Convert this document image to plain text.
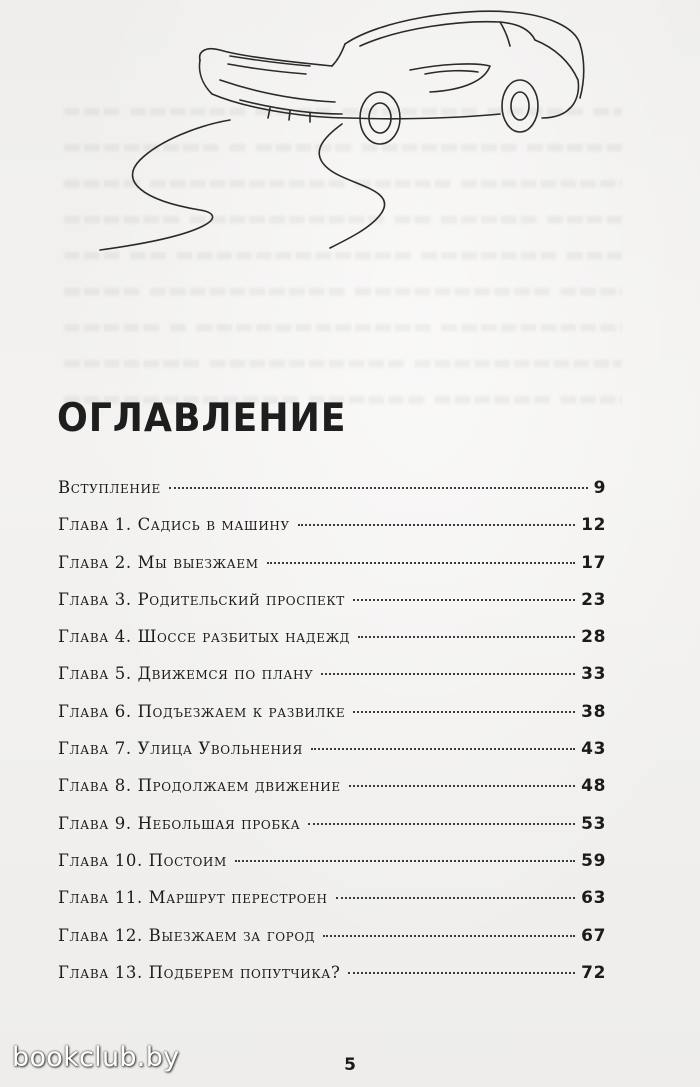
ОГЛАВЛЕНИЕ
Вступление	9
Глава 1. Садись в машину	12
Глава 2. Мы выезжаем	17
Глава 3. Родительский проспект	23
Глава 4. Шоссе разбитых надежд	28
Глава 5. Движемся по плану	33
Глава 6. Подъезжаем к развилке	38
Глава 7. Улица Увольнения	43
Глава 8. Продолжаем движение	48
Глава 9. Небольшая пробка	53
Глава 10. Постоим	59
Глава 11. Маршрут перестроен	63
Глава 12. Выезжаем за город	67
Глава 13. Подберем попутчика?	72
5
bookclub.by
